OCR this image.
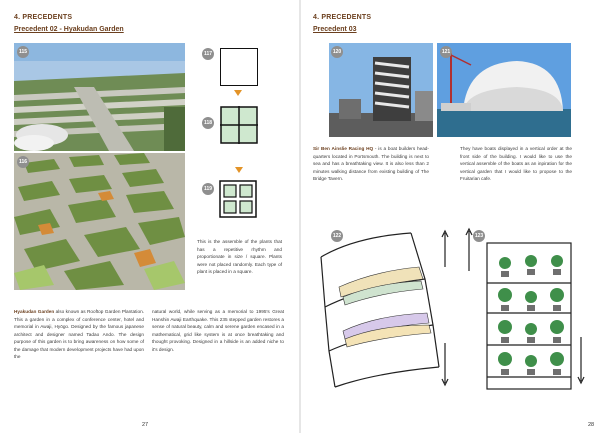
4. PRECEDENTS
Precedent 02 - Hyakudan Garden
115
116
117
118
119
This is the assemble of the plants that has a repetitive rhythm and proportionate in size / square. Plants were not placed randomly. Each type of plant is placed in a square.
Hyakudan Garden also known as Rooftop Garden Plantation. This a garden in a complex of conference center, hotel and memorial in Awaji, Hyōgo. Designed by the famous japanese architect and designer named Tadao Ando. The design purpose of this garden is to bring awareness on how some of the damage that modern development projects have had upon the
natural world, while serving as a memorial to 1995's Great Hanshin Awaji Earthquake. This 235 stepped garden restores a sense of natural beauty, calm and serene garden encased in a mathematical, grid like system is at once breathtaking and thought provoking. Designed in a hillside is an added niche to it's design.
27
4. PRECEDENTS
Precedent 03
120	121
Sir Ben Ainslie Racing HQ - is a boat builders head-quarters located in Portsmouth. The building is next to sea and has a breathtaking view. It is also less than 2 minutes walking distance from existing building of The Bridge Tavern.
They have boats displayed in a vertical order at the front side of the building. I would like to use the vertical assemble of the boats as an inpiration for the vertical garden that I would like to propose to the Fruitarian cafe.
122	123
28
